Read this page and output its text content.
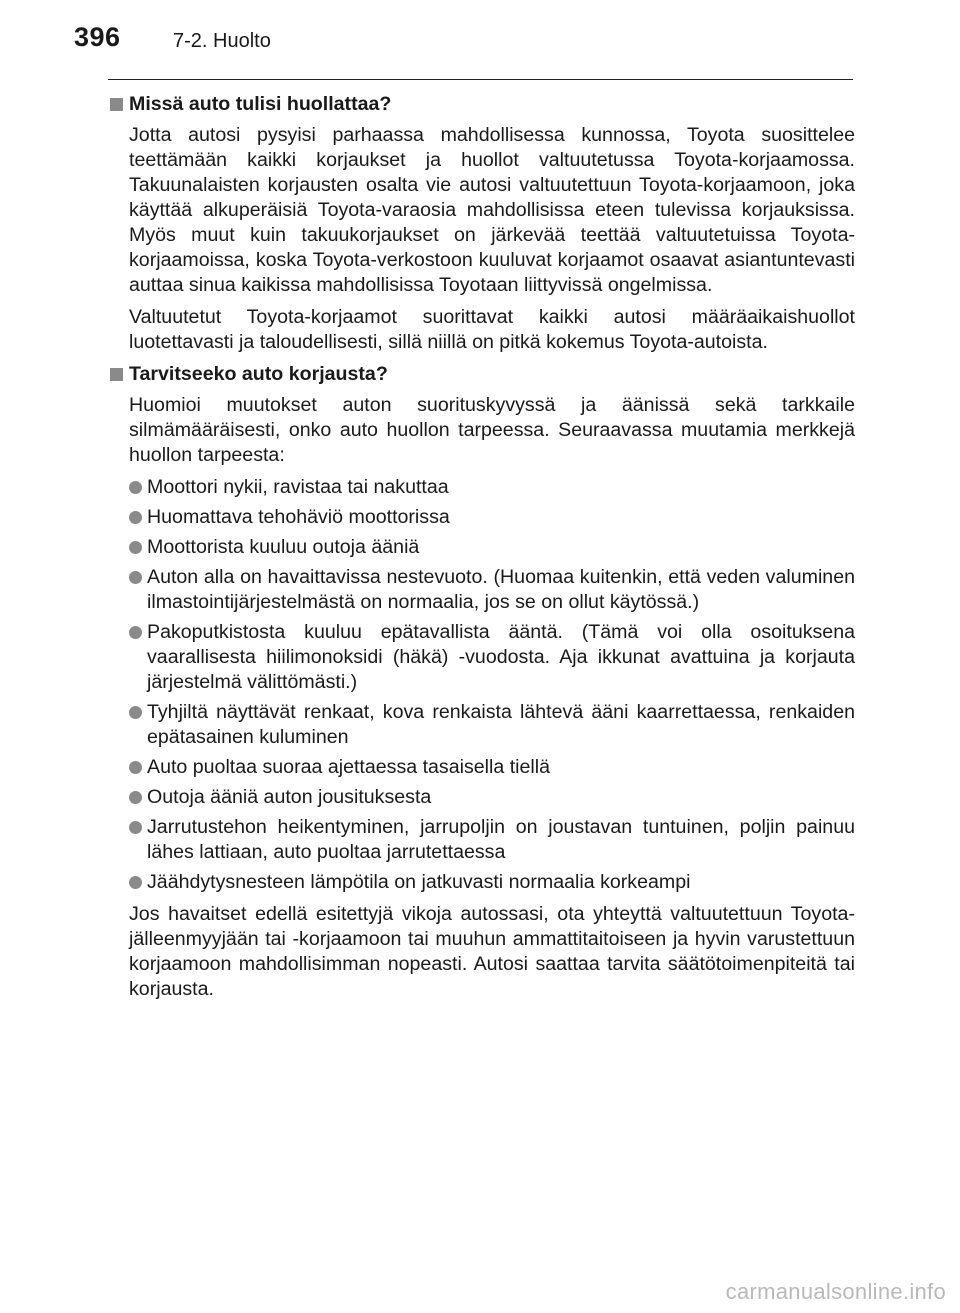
396	7-2. Huolto
Missä auto tulisi huollattaa?

Jotta autosi pysyisi parhaassa mahdollisessa kunnossa, Toyota suosittelee teettämään kaikki korjaukset ja huollot valtuutetussa Toyota-korjaamossa. Takuunalaisten korjausten osalta vie autosi valtuutettuun Toyota-korjaamoon, joka käyttää alkuperäisiä Toyota-varaosia mahdollisissa eteen tulevissa korjauksissa. Myös muut kuin takuukorjaukset on järkevää teettää valtuutetuissa Toyota-korjaamoissa, koska Toyota-verkostoon kuuluvat korjaamot osaavat asiantuntevasti auttaa sinua kaikissa mahdollisissa Toyotaan liittyvissä ongelmissa.

Valtuutetut Toyota-korjaamot suorittavat kaikki autosi määräaikaishuollot luotettavasti ja taloudellisesti, sillä niillä on pitkä kokemus Toyota-autoista.

Tarvitseeko auto korjausta?

Huomioi muutokset auton suorituskyvyssä ja äänissä sekä tarkkaile silmämääräisesti, onko auto huollon tarpeessa. Seuraavassa muutamia merkkejä huollon tarpeesta:

Moottori nykii, ravistaa tai nakuttaa
Huomattava tehohäviö moottorissa
Moottorista kuuluu outoja ääniä
Auton alla on havaittavissa nestevuoto. (Huomaa kuitenkin, että veden valuminen ilmastointijärjestelmästä on normaalia, jos se on ollut käytössä.)
Pakoputkistosta kuuluu epätavallista ääntä. (Tämä voi olla osoituksena vaarallisesta hiilimonoksidi (häkä) -vuodosta. Aja ikkunat avattuina ja korjauta järjestelmä välittömästi.)
Tyhjiltä näyttävät renkaat, kova renkaista lähtevä ääni kaarrettaessa, renkaiden epätasainen kuluminen
Auto puoltaa suoraa ajettaessa tasaisella tiellä
Outoja ääniä auton jousituksesta
Jarrutustehon heikentyminen, jarrupoljin on joustavan tuntuinen, poljin painuu lähes lattiaan, auto puoltaa jarrutettaessa
Jäähdytysnesteen lämpötila on jatkuvasti normaalia korkeampi

Jos havaitset edellä esitettyjä vikoja autossasi, ota yhteyttä valtuutettuun Toyota-jälleenmyyjään tai -korjaamoon tai muuhun ammattitaitoiseen ja hyvin varustettuun korjaamoon mahdollisimman nopeasti. Autosi saattaa tarvita säätötoimenpiteitä tai korjausta.

carmanualsonline.info
